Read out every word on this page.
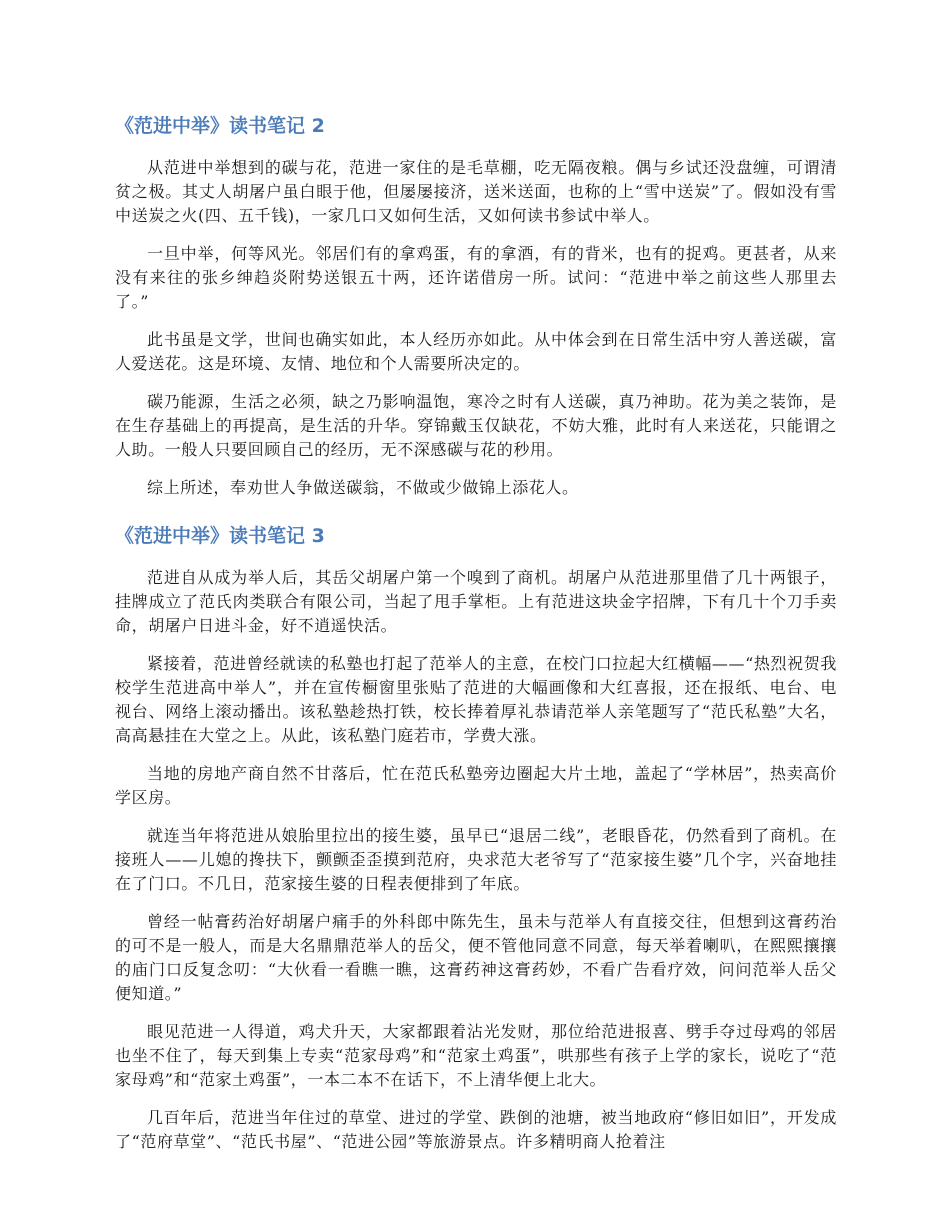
《范进中举》读书笔记 2

从范进中举想到的碳与花，范进一家住的是毛草棚，吃无隔夜粮。偶与乡试还没盘缠，可谓清贫之极。其丈人胡屠户虽白眼于他，但屡屡接济，送米送面，也称的上“雪中送炭”了。假如没有雪中送炭之火(四、五千钱)，一家几口又如何生活，又如何读书参试中举人。

一旦中举，何等风光。邻居们有的拿鸡蛋，有的拿酒，有的背米，也有的捉鸡。更甚者，从来没有来往的张乡绅趋炎附势送银五十两，还许诺借房一所。试问：“范进中举之前这些人那里去了。”

此书虽是文学，世间也确实如此，本人经历亦如此。从中体会到在日常生活中穷人善送碳，富人爱送花。这是环境、友情、地位和个人需要所决定的。

碳乃能源，生活之必须，缺之乃影响温饱，寒冷之时有人送碳，真乃神助。花为美之装饰，是在生存基础上的再提高，是生活的升华。穿锦戴玉仅缺花，不妨大雅，此时有人来送花，只能谓之人助。一般人只要回顾自己的经历，无不深感碳与花的秒用。

综上所述，奉劝世人争做送碳翁，不做或少做锦上添花人。

《范进中举》读书笔记 3

范进自从成为举人后，其岳父胡屠户第一个嗅到了商机。胡屠户从范进那里借了几十两银子，挂牌成立了范氏肉类联合有限公司，当起了甩手掌柜。上有范进这块金字招牌，下有几十个刀手卖命，胡屠户日进斗金，好不逍遥快活。

紧接着，范进曾经就读的私塾也打起了范举人的主意，在校门口拉起大红横幅——“热烈祝贺我校学生范进高中举人”，并在宣传橱窗里张贴了范进的大幅画像和大红喜报，还在报纸、电台、电视台、网络上滚动播出。该私塾趁热打铁，校长捧着厚礼恭请范举人亲笔题写了“范氏私塾”大名，高高悬挂在大堂之上。从此，该私塾门庭若市，学费大涨。

当地的房地产商自然不甘落后，忙在范氏私塾旁边圈起大片土地，盖起了“学林居”，热卖高价学区房。

就连当年将范进从娘胎里拉出的接生婆，虽早已“退居二线”，老眼昏花，仍然看到了商机。在接班人——儿媳的搀扶下，颤颤歪歪摸到范府，央求范大老爷写了“范家接生婆”几个字，兴奋地挂在了门口。不几日，范家接生婆的日程表便排到了年底。

曾经一帖膏药治好胡屠户痛手的外科郎中陈先生，虽未与范举人有直接交往，但想到这膏药治的可不是一般人，而是大名鼎鼎范举人的岳父，便不管他同意不同意，每天举着喇叭，在熙熙攘攘的庙门口反复念叨：“大伙看一看瞧一瞧，这膏药神这膏药妙，不看广告看疗效，问问范举人岳父便知道。”

眼见范进一人得道，鸡犬升天，大家都跟着沾光发财，那位给范进报喜、劈手夺过母鸡的邻居也坐不住了，每天到集上专卖“范家母鸡”和“范家土鸡蛋”，哄那些有孩子上学的家长，说吃了“范家母鸡”和“范家土鸡蛋”，一本二本不在话下，不上清华便上北大。

几百年后，范进当年住过的草堂、进过的学堂、跌倒的池塘，被当地政府“修旧如旧”，开发成了“范府草堂”、“范氏书屋”、“范进公园”等旅游景点。许多精明商人抢着注
